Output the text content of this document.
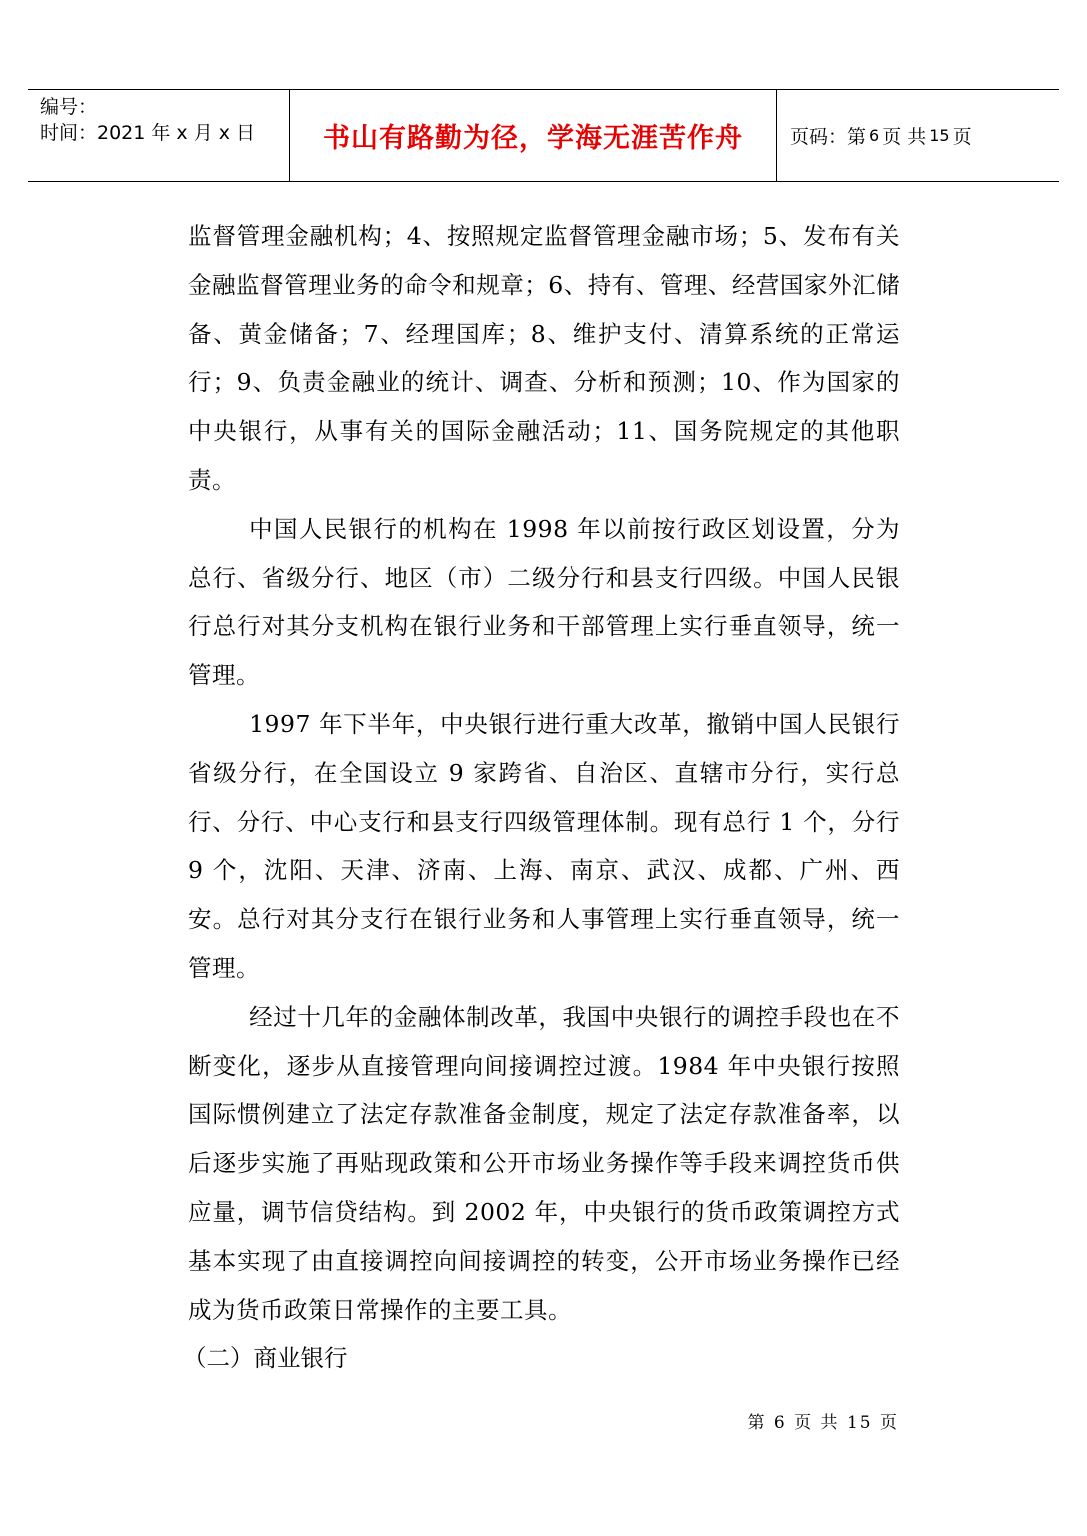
编号：
时间：2021 年 x 月 x 日	书山有路勤为径，学海无涯苦作舟 页码：第 6 页 共 15 页

监督管理金融机构；4、按照规定监督管理金融市场；5、发布有关金融监督管理业务的命令和规章；6、持有、管理、经营国家外汇储备、黄金储备；7、经理国库；8、维护支付、清算系统的正常运行；9、负责金融业的统计、调查、分析和预测；10、作为国家的中央银行，从事有关的国际金融活动；11、国务院规定的其他职责。

中国人民银行的机构在 1998 年以前按行政区划设置，分为总行、省级分行、地区（市）二级分行和县支行四级。中国人民银行总行对其分支机构在银行业务和干部管理上实行垂直领导，统一管理。

1997 年下半年，中央银行进行重大改革，撤销中国人民银行省级分行，在全国设立 9 家跨省、自治区、直辖市分行，实行总行、分行、中心支行和县支行四级管理体制。现有总行 1 个，分行 9 个，沈阳、天津、济南、上海、南京、武汉、成都、广州、西安。总行对其分支行在银行业务和人事管理上实行垂直领导，统一管理。

经过十几年的金融体制改革，我国中央银行的调控手段也在不断变化，逐步从直接管理向间接调控过渡。1984 年中央银行按照国际惯例建立了法定存款准备金制度，规定了法定存款准备率，以后逐步实施了再贴现政策和公开市场业务操作等手段来调控货币供应量，调节信贷结构。到 2002 年，中央银行的货币政策调控方式基本实现了由直接调控向间接调控的转变，公开市场业务操作已经成为货币政策日常操作的主要工具。

（二）商业银行

第 6 页 共 15 页
